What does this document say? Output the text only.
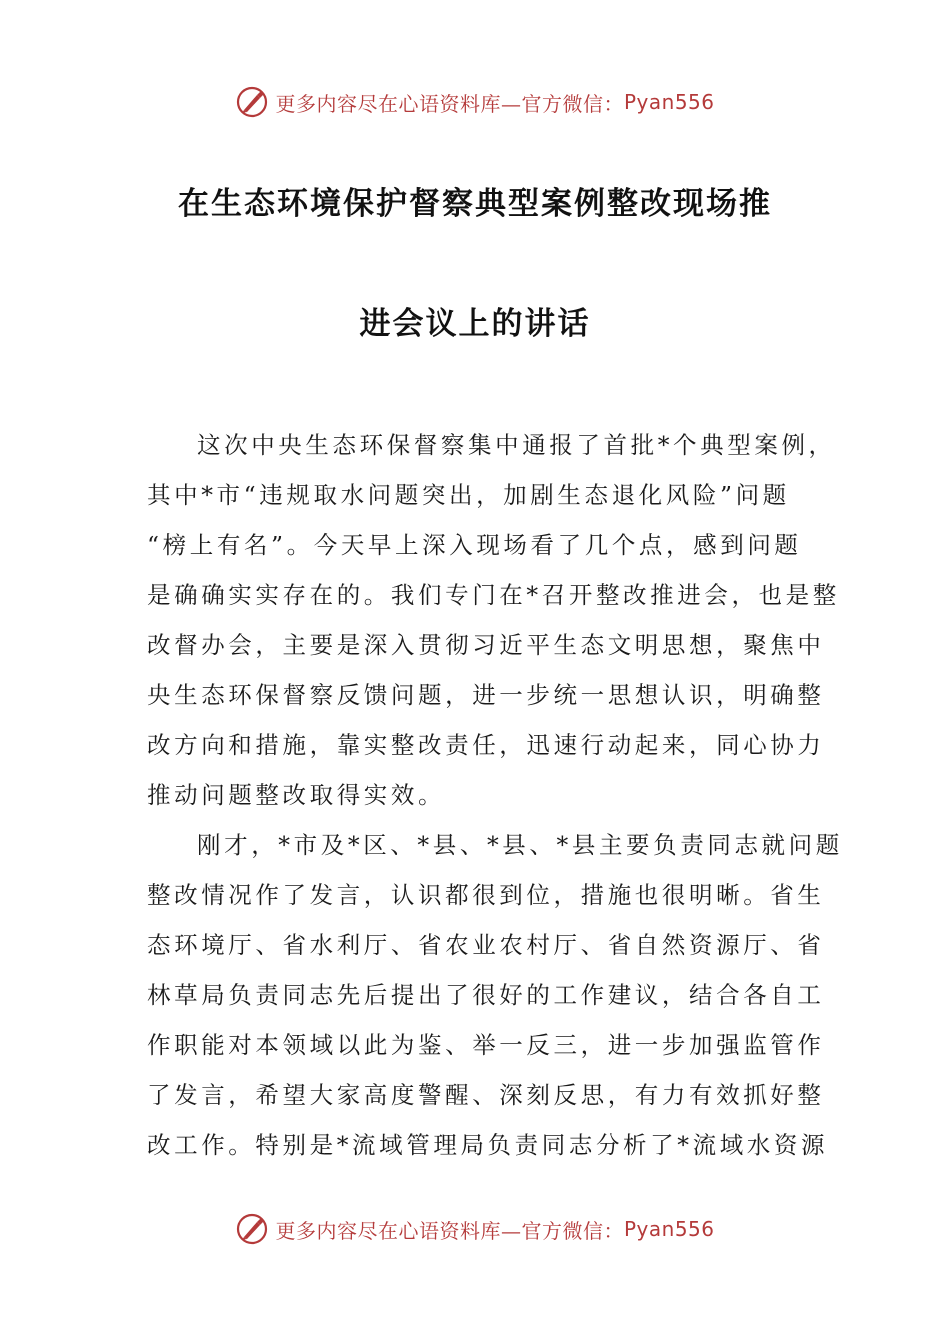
更多内容尽在心语资料库—官方微信： Pyan556
在生态环境保护督察典型案例整改现场推
进会议上的讲话
这次中央生态环保督察集中通报了首批*个典型案例，
其中*市“违规取水问题突出，加剧生态退化风险”问题
“榜上有名”。今天早上深入现场看了几个点，感到问题
是确确实实存在的。我们专门在*召开整改推进会，也是整
改督办会，主要是深入贯彻习近平生态文明思想，聚焦中
央生态环保督察反馈问题，进一步统一思想认识，明确整
改方向和措施，靠实整改责任，迅速行动起来，同心协力
推动问题整改取得实效。
刚才，*市及*区、*县、*县、*县主要负责同志就问题
整改情况作了发言，认识都很到位，措施也很明晰。省生
态环境厅、省水利厅、省农业农村厅、省自然资源厅、省
林草局负责同志先后提出了很好的工作建议，结合各自工
作职能对本领域以此为鉴、举一反三，进一步加强监管作
了发言，希望大家高度警醒、深刻反思，有力有效抓好整
改工作。特别是*流域管理局负责同志分析了*流域水资源
更多内容尽在心语资料库—官方微信： Pyan556
